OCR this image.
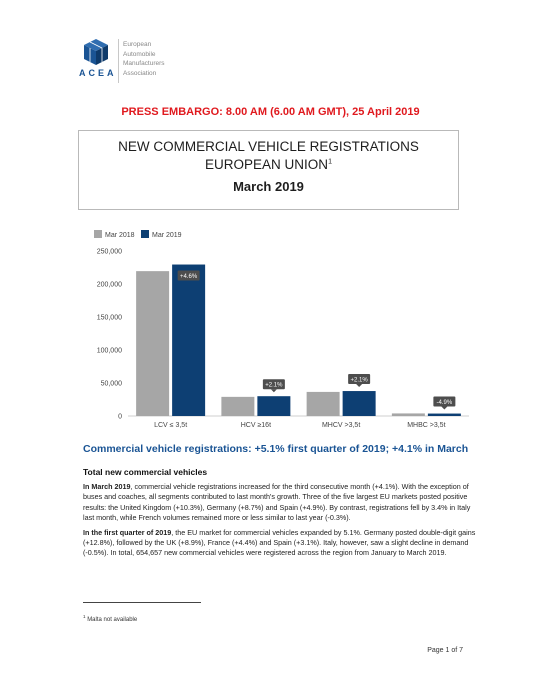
ACEA
European
Automobile
Manufacturers
Association
PRESS EMBARGO: 8.00 AM (6.00 AM GMT), 25 April 2019
NEW COMMERCIAL VEHICLE REGISTRATIONS
EUROPEAN UNION$^1$
March 2019
Mar 2018 Mar 2019
0
50,000
100,000
150,000
200,000
250,000
+4.6%
LCV ≤ 3,5t
+2.1%
HCV ≥16t
+2.1%
MHCV >3,5t
-4.9%
MHBC >3,5t
Commercial vehicle registrations: +5.1% first quarter of 2019; +4.1% in March
Total new commercial vehicles

In March 2019, commercial vehicle registrations increased for the third consecutive month (+4.1%). With the exception of buses and coaches, all segments contributed to last month's growth. Three of the five largest EU markets posted positive results: the United Kingdom (+10.3%), Germany (+8.7%) and Spain (+4.9%). By contrast, registrations fell by 3.4% in Italy last month, while French volumes remained more or less similar to last year (-0.3%).

In the first quarter of 2019, the EU market for commercial vehicles expanded by 5.1%. Germany posted double-digit gains (+12.8%), followed by the UK (+8.9%), France (+4.4%) and Spain (+3.1%). Italy, however, saw a slight decline in demand (-0.5%). In total, 654,657 new commercial vehicles were registered across the region from January to March 2019.

$^1$ Malta not available
Page 1 of 7
